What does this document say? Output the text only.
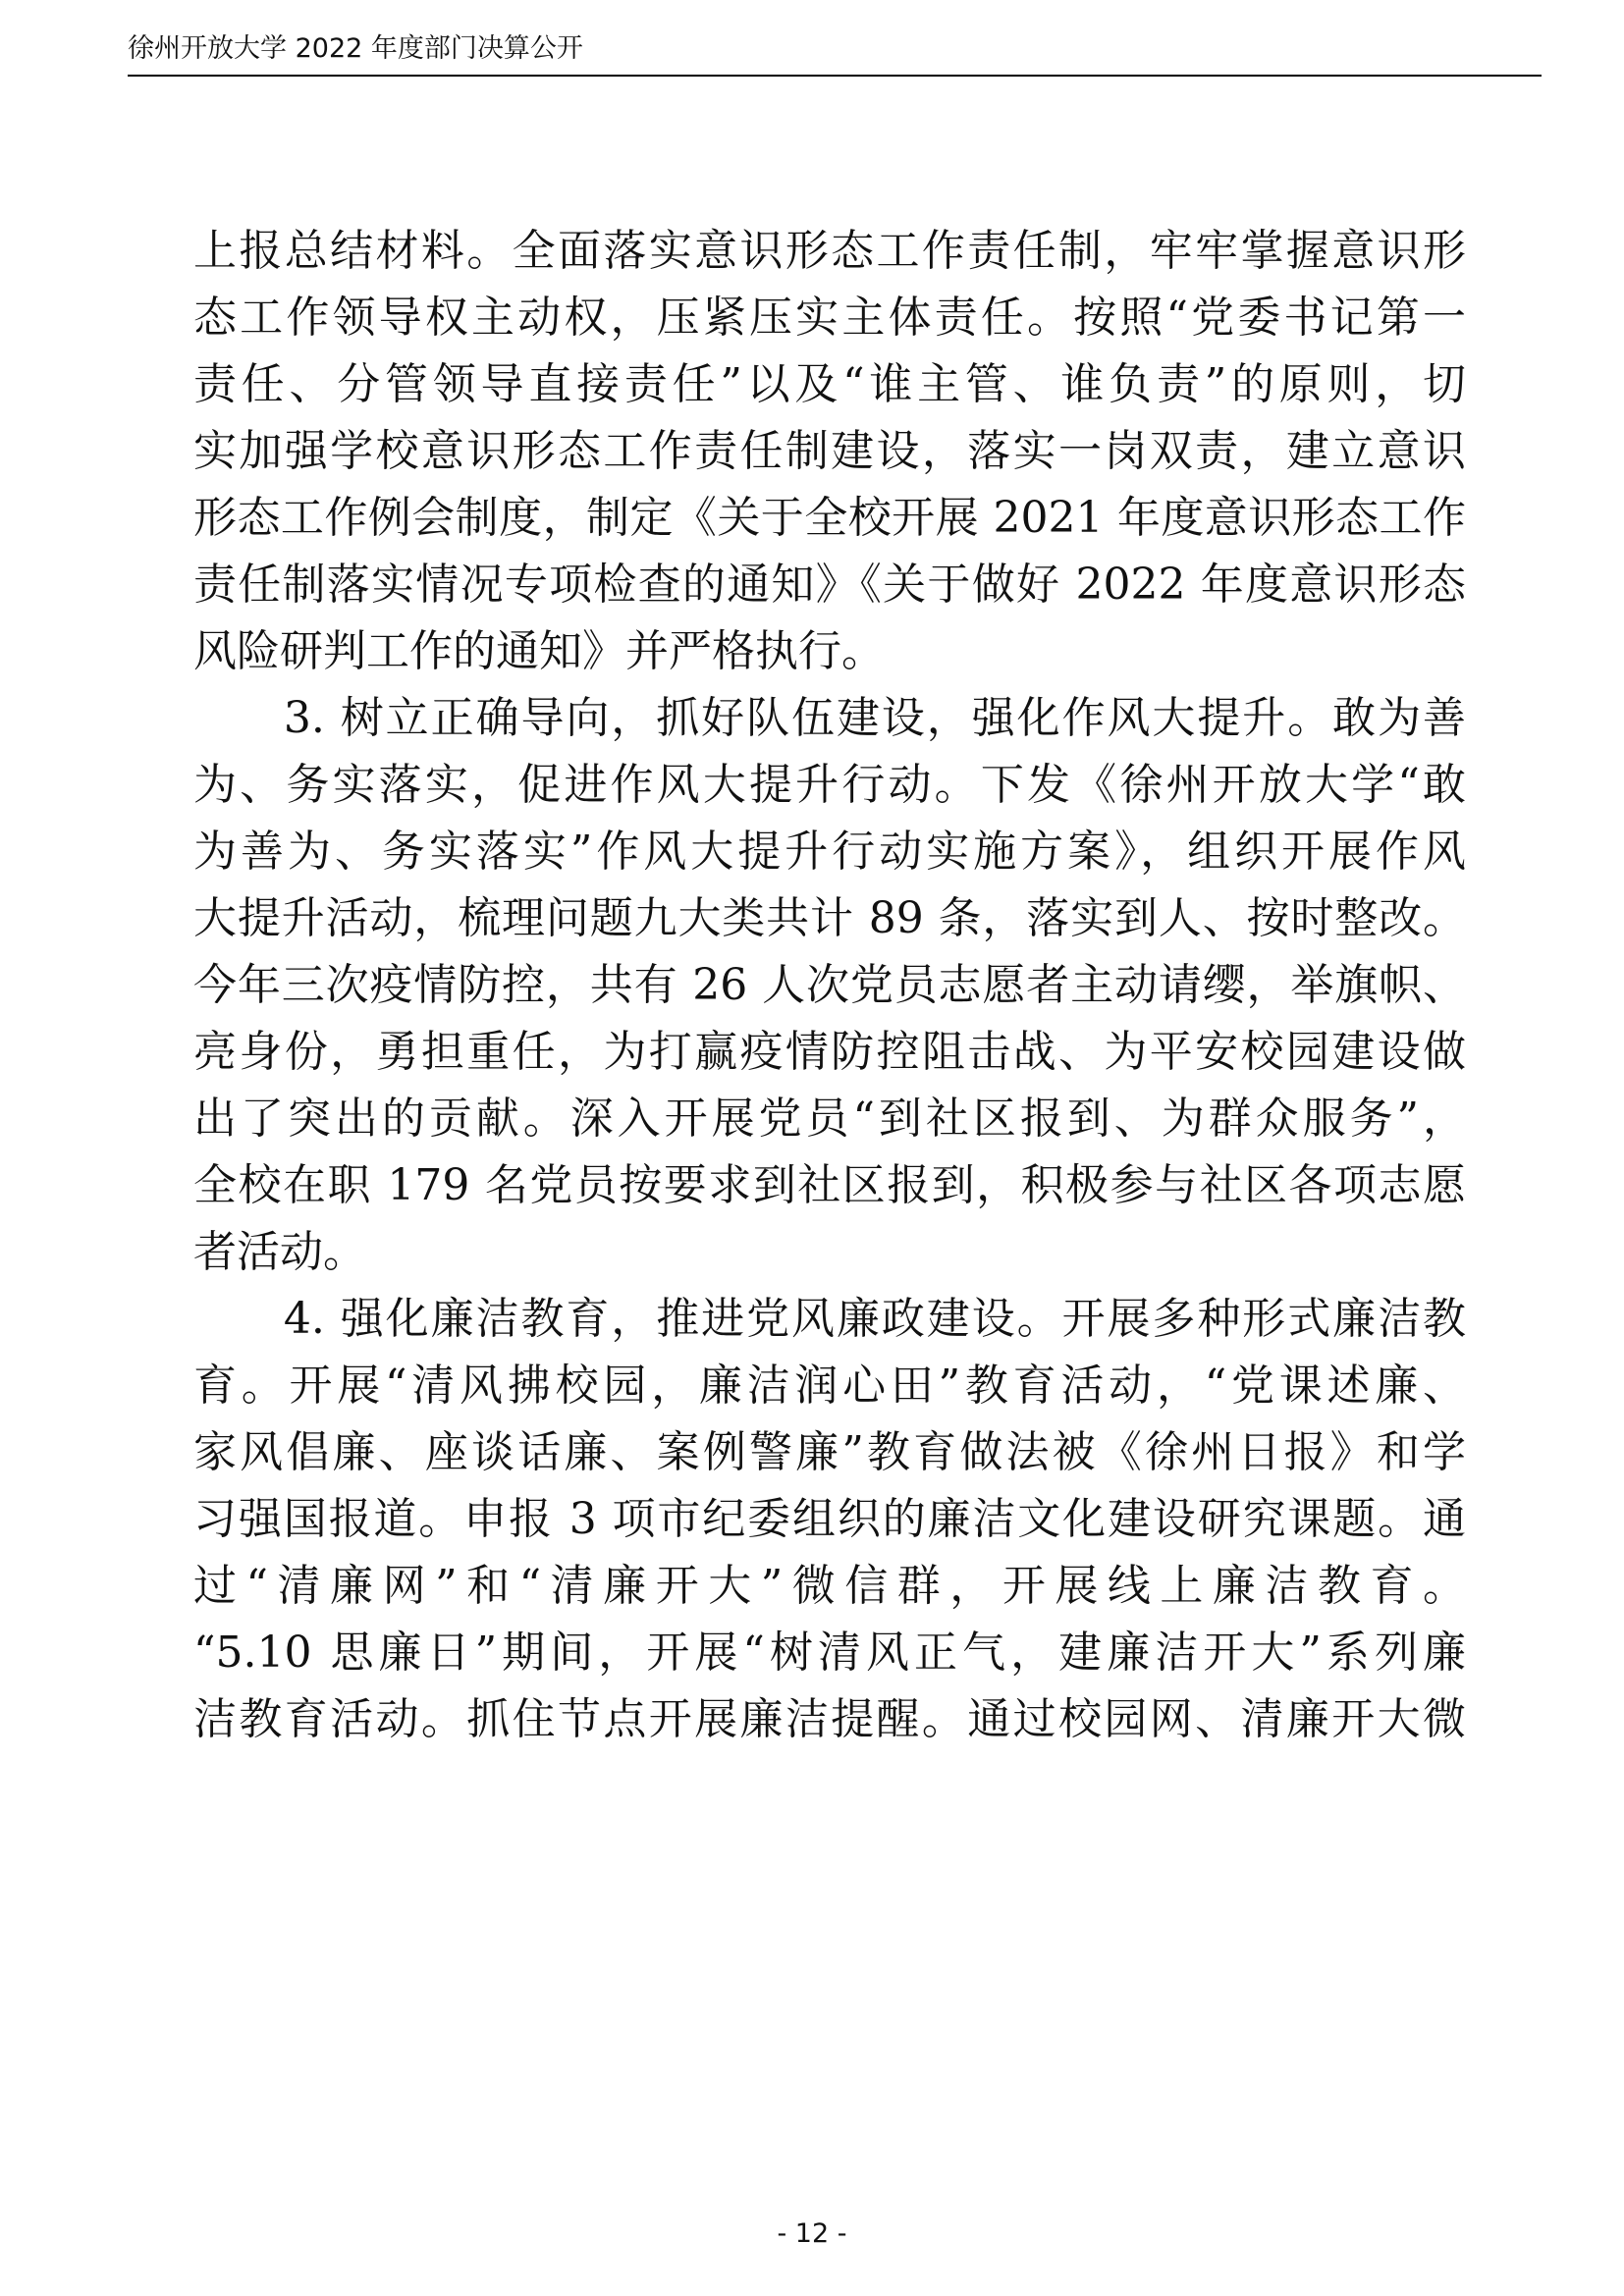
徐州开放大学 2022 年度部门决算公开
上报总结材料。全面落实意识形态工作责任制，牢牢掌握意识形
态工作领导权主动权，压紧压实主体责任。按照“党委书记第一
责任、分管领导直接责任”以及“谁主管、谁负责”的原则，切
实加强学校意识形态工作责任制建设，落实一岗双责，建立意识
形态工作例会制度，制定《关于全校开展 2021 年度意识形态工作
责任制落实情况专项检查的通知》《关于做好 2022 年度意识形态
风险研判工作的通知》并严格执行。
　　3. 树立正确导向，抓好队伍建设，强化作风大提升。敢为善
为、务实落实，促进作风大提升行动。下发《徐州开放大学“敢
为善为、务实落实”作风大提升行动实施方案》，组织开展作风
大提升活动，梳理问题九大类共计 89 条，落实到人、按时整改。
今年三次疫情防控，共有 26 人次党员志愿者主动请缨，举旗帜、
亮身份，勇担重任，为打赢疫情防控阻击战、为平安校园建设做
出了突出的贡献。深入开展党员“到社区报到、为群众服务”，
全校在职 179 名党员按要求到社区报到，积极参与社区各项志愿
者活动。
　　4. 强化廉洁教育，推进党风廉政建设。开展多种形式廉洁教
育。开展“清风拂校园，廉洁润心田”教育活动，“党课述廉、
家风倡廉、座谈话廉、案例警廉”教育做法被《徐州日报》和学
习强国报道。申报 3 项市纪委组织的廉洁文化建设研究课题。通
过“清廉网”和“清廉开大”微信群，开展线上廉洁教育。
“5.10 思廉日”期间，开展“树清风正气，建廉洁开大”系列廉
洁教育活动。抓住节点开展廉洁提醒。通过校园网、清廉开大微
- 12 -
